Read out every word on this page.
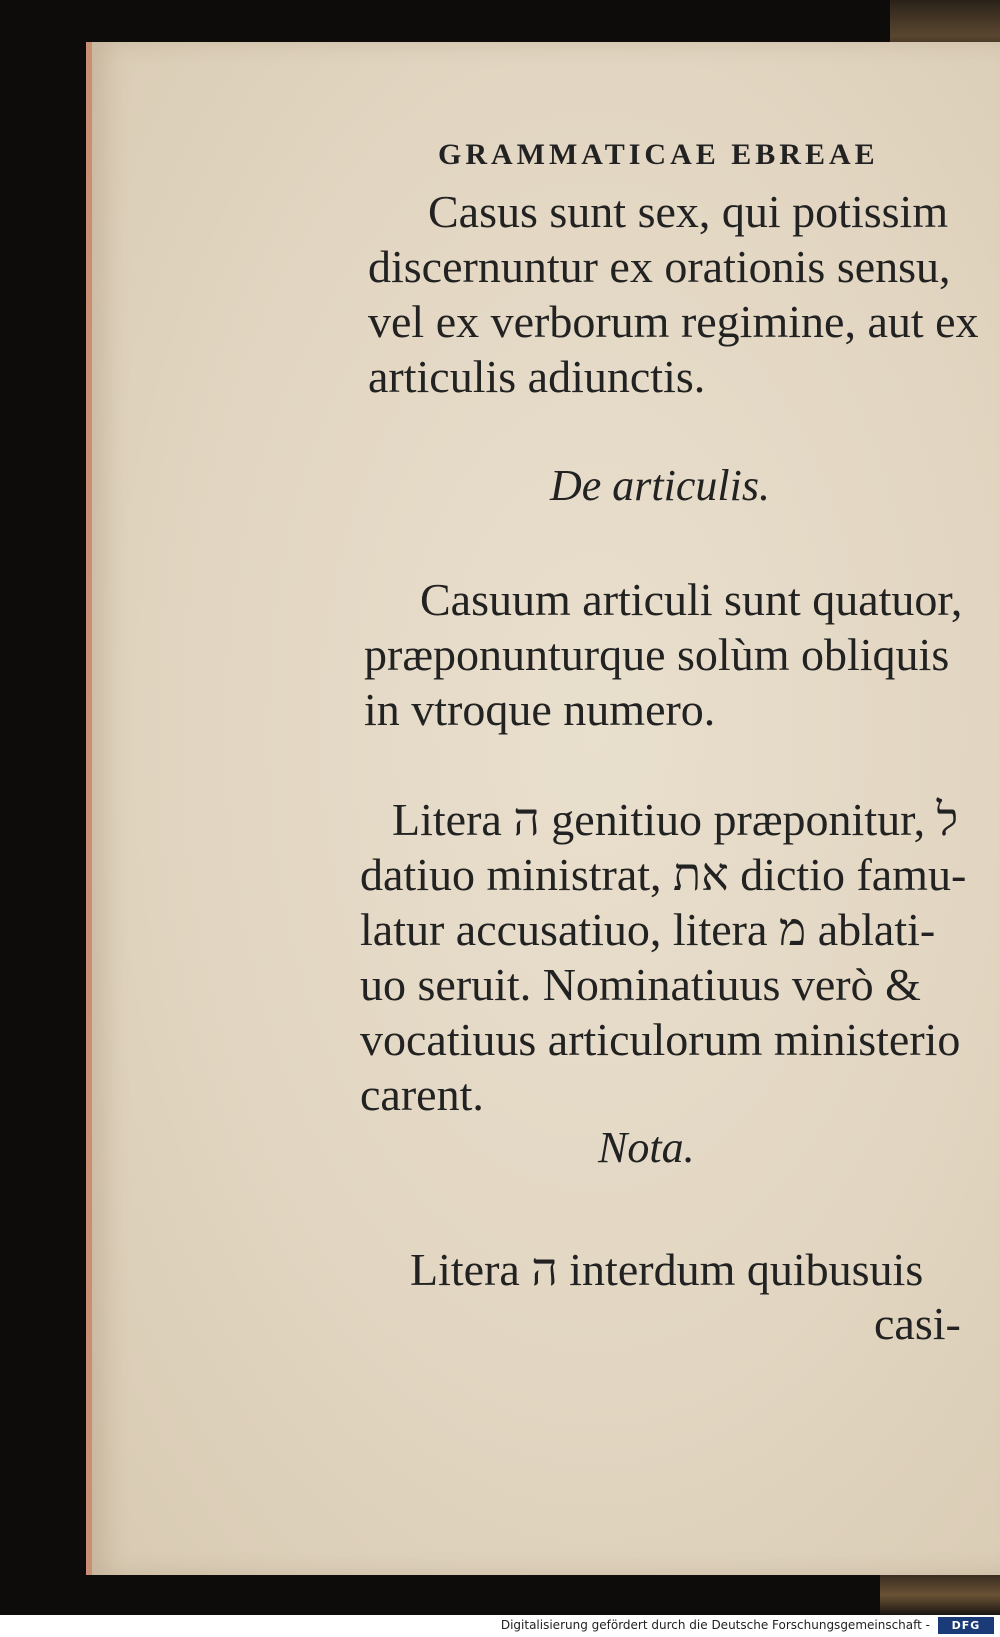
GRAMMATICAE EBREAE
Casus sunt sex, qui potissim
discernuntur ex orationis sensu,
vel ex verborum regimine, aut ex
articulis adiunctis.
De articulis.
Casuum articuli sunt quatuor,
præponunturque solùm obliquis
in vtroque numero.
Litera ה genitiuo præponitur, ל
datiuo ministrat, את dictio famu-
latur accusatiuo, litera מ ablati-
uo seruit. Nominatiuus verò &
vocatiuus articulorum ministerio
carent.
Nota.
Litera ה interdum quibusuis
casi-
Digitalisierung gefördert durch die Deutsche Forschungsgemeinschaft -	DFG
